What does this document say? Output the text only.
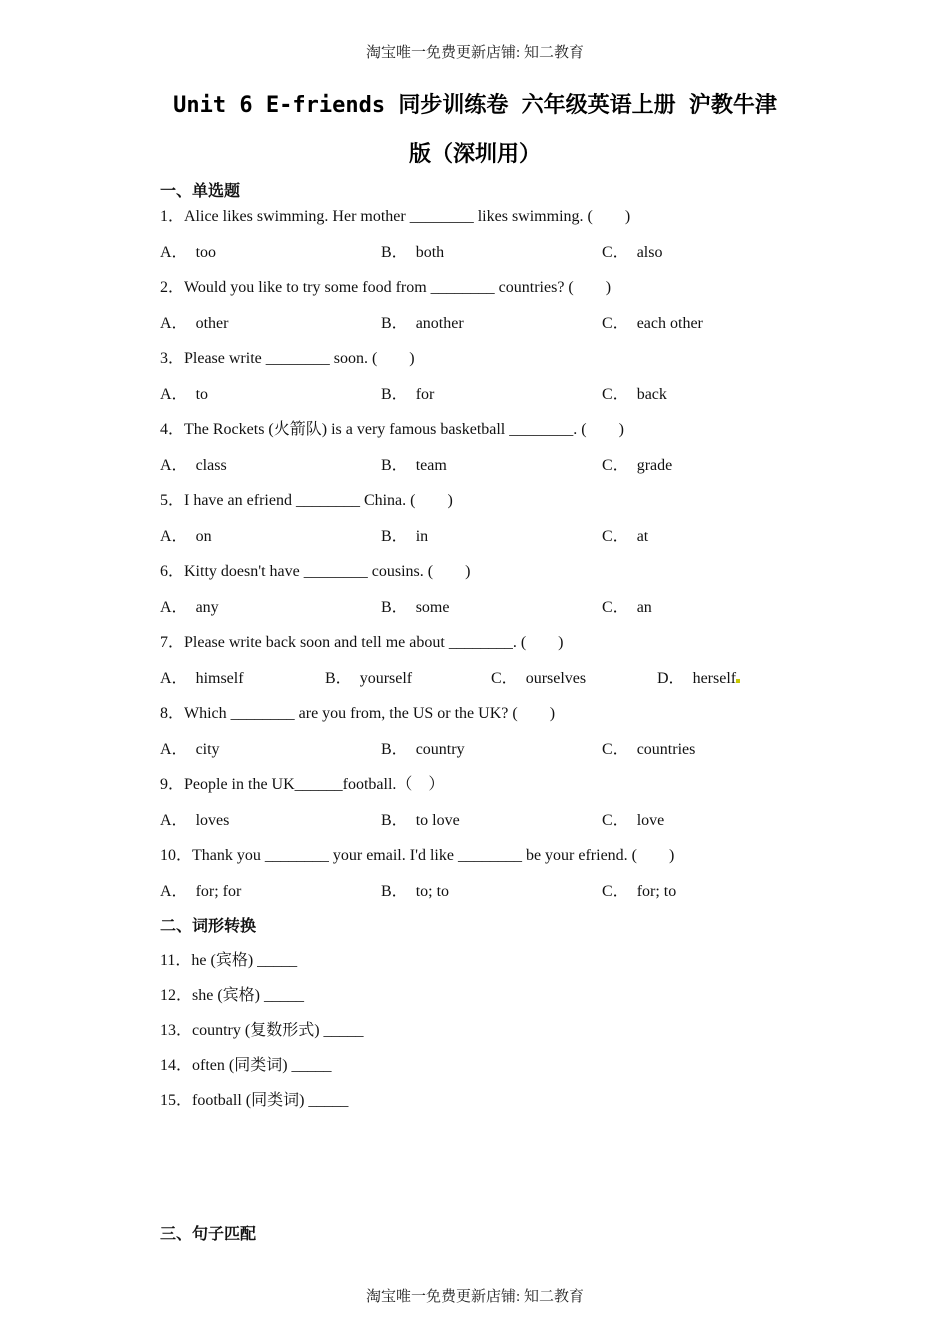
淘宝唯一免费更新店铺: 知二教育
Unit 6 E-friends 同步训练卷 六年级英语上册 沪教牛津
版（深圳用）
一、单选题
1．Alice likes swimming. Her mother ________ likes swimming. (　　)
A． too	B． both	C． also
2．Would you like to try some food from ________ countries? (　　)
A． other	B． another	C． each other
3．Please write ________ soon. (　　)
A． to	B． for	C． back
4．The Rockets (火箭队) is a very famous basketball ________. (　　)
A． class	B． team	C． grade
5．I have an efriend ________ China. (　　)
A． on	B． in	C． at
6．Kitty doesn't have ________ cousins. (　　)
A． any	B． some	C． an
7．Please write back soon and tell me about ________. (　　)
A． himself	B． yourself	C． ourselves	D． herself
8．Which ________ are you from, the US or the UK? (　　)
A． city	B． country	C． countries
9．People in the UK______football.（　）
A． loves	B． to love	C． love
10．Thank you ________ your email. I'd like ________ be your efriend. (　　)
A． for; for	B． to; to	C． for; to
二、词形转换
11．he (宾格) _____
12．she (宾格) _____
13．country (复数形式) _____
14．often (同类词) _____
15．football (同类词) _____
三、句子匹配
淘宝唯一免费更新店铺: 知二教育
